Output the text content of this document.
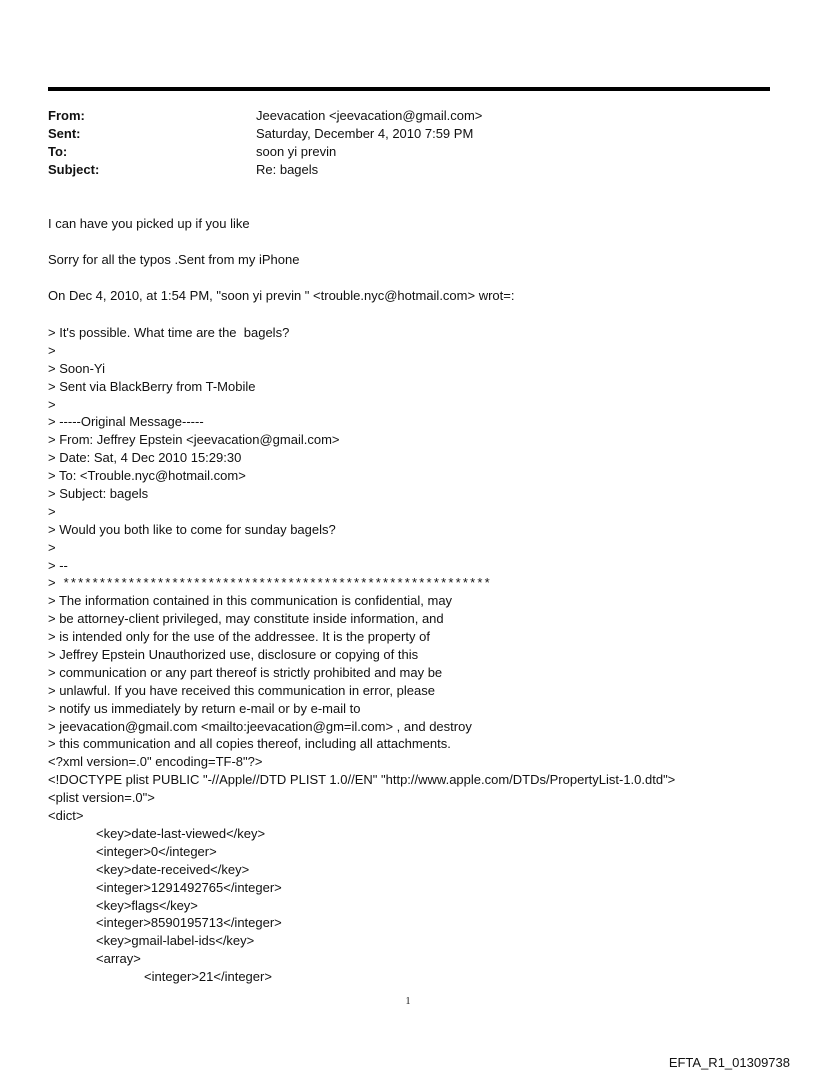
From:	Jeevacation <jeevacation@gmail.com>
Sent:	Saturday, December 4, 2010 7:59 PM
To:	soon yi previn
Subject:	Re: bagels

I can have you picked up if you like

Sorry for all the typos .Sent from my iPhone

On Dec 4, 2010, at 1:54 PM, "soon yi previn " <trouble.nyc@hotmail.com> wrot=:

> It's possible. What time are the  bagels?
>
> Soon-Yi
> Sent via BlackBerry from T-Mobile
>
> -----Original Message-----
> From: Jeffrey Epstein <jeevacation@gmail.com>
> Date: Sat, 4 Dec 2010 15:29:30
> To: <Trouble.nyc@hotmail.com>
> Subject: bagels
>
> Would you both like to come for sunday bagels?
>
> --
> ***********************************************************
> The information contained in this communication is confidential, may
> be attorney-client privileged, may constitute inside information, and
> is intended only for the use of the addressee. It is the property of
> Jeffrey Epstein Unauthorized use, disclosure or copying of this
> communication or any part thereof is strictly prohibited and may be
> unlawful. If you have received this communication in error, please
> notify us immediately by return e-mail or by e-mail to
> jeevacation@gmail.com <mailto:jeevacation@gm=il.com> , and destroy
> this communication and all copies thereof, including all attachments.
<?xml version=.0" encoding=TF-8"?>
<!DOCTYPE plist PUBLIC "-//Apple//DTD PLIST 1.0//EN" "http://www.apple.com/DTDs/PropertyList-1.0.dtd">
<plist version=.0">
<dict>
<key>date-last-viewed</key>
<integer>0</integer>
<key>date-received</key>
<integer>1291492765</integer>
<key>flags</key>
<integer>8590195713</integer>
<key>gmail-label-ids</key>
<array>
<integer>21</integer>
1
EFTA_R1_01309738
